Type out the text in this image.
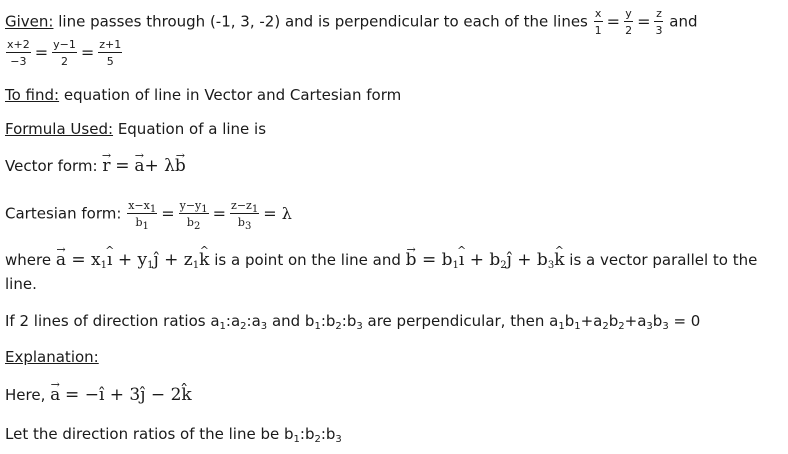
Given: line passes through (-1, 3, -2) and is perpendicular to each of the lines $\frac{x}{1} = \frac{y}{2} = \frac{z}{3}$ and
$\frac{x+2}{-3} = \frac{y-1}{2} = \frac{z+1}{5}$
To find: equation of line in Vector and Cartesian form
Formula Used: Equation of a line is
Vector form: → r = → a+ λ→ b
Cartesian form: $\frac{x-x_1}{b_1} = \frac{y-y_1}{b_2} = \frac{z-z_1}{b_3} = \lambda$
where → $a = x_1\^{}$ ı + $y_1ȷ̂$ + $z_1\^{}$ k is a point on the line and → $b = b_1\^{}$ ı + $b_2ȷ̂$ + $b_3\^{}$ k is a vector parallel to the
line.
If 2 lines of direction ratios $a_1:a_2:a_3$ and $b_1:b_2:b_3$ are perpendicular, then $a_1b_1+a_2b_2+a_3b_3 = 0$
Explanation:
Here, → a = −î + 3ĵ − 2k̂
Let the direction ratios of the line be $b_1:b_2:b_3$
